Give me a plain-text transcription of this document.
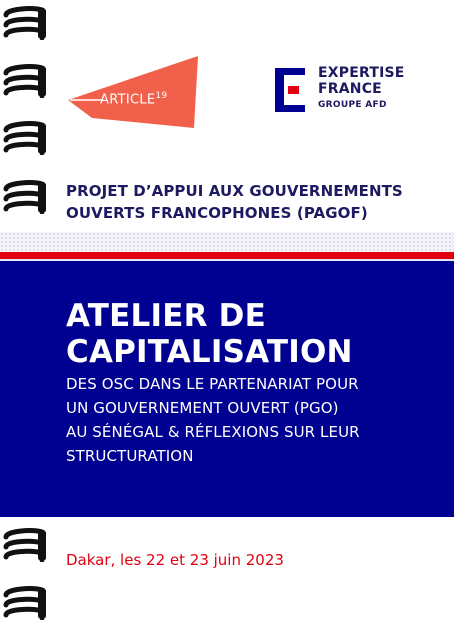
ARTICLE$^{19}$
EXPERTISE
FRANCE
GROUPE AFD
PROJET D’APPUI AUX GOUVERNEMENTS
OUVERTS FRANCOPHONES (PAGOF)
ATELIER DE
CAPITALISATION
DES OSC DANS LE PARTENARIAT POUR
UN GOUVERNEMENT OUVERT (PGO)
AU SÉNÉGAL & RÉFLEXIONS SUR LEUR
STRUCTURATION
Dakar, les 22 et 23 juin 2023
